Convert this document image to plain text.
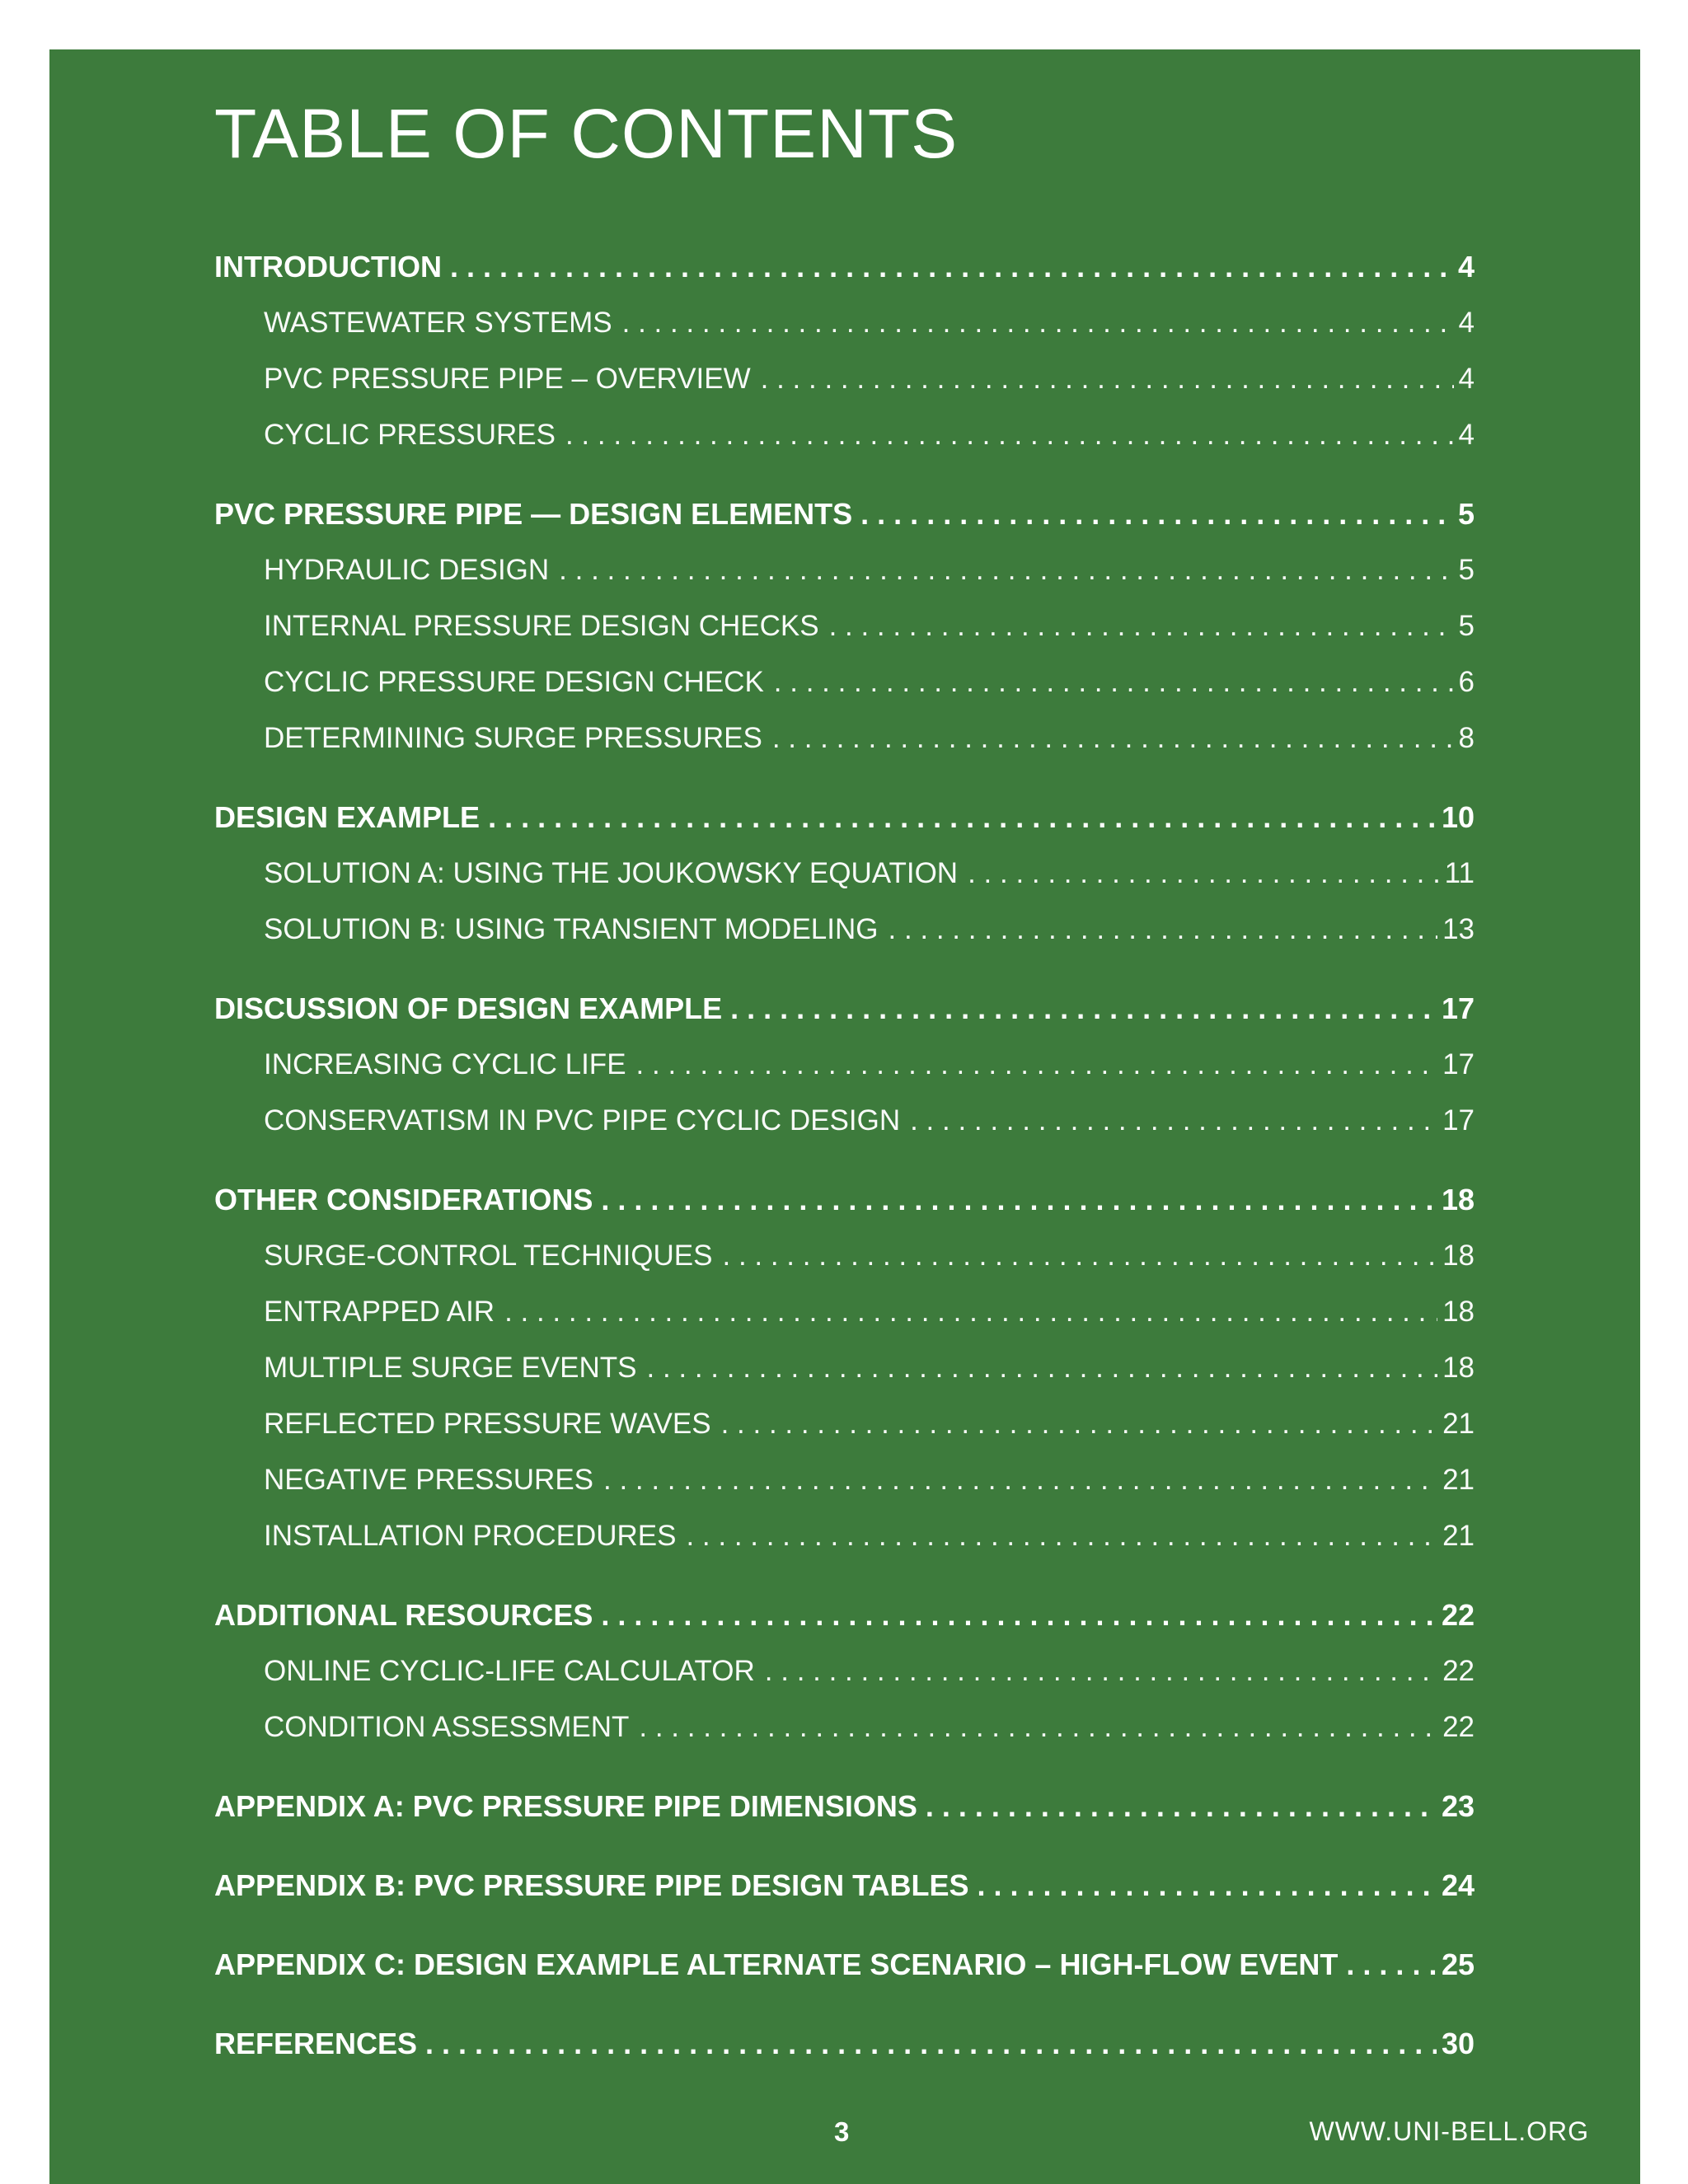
TABLE OF CONTENTS
INTRODUCTION . . .	4
WASTEWATER SYSTEMS . . .	4
PVC PRESSURE PIPE – OVERVIEW . . .	4
CYCLIC PRESSURES . . .	4
PVC PRESSURE PIPE — DESIGN ELEMENTS . . .	5
HYDRAULIC DESIGN . . .	5
INTERNAL PRESSURE DESIGN CHECKS . . .	5
CYCLIC PRESSURE DESIGN CHECK . . .	6
DETERMINING SURGE PRESSURES . . .	8
DESIGN EXAMPLE . . .	10
SOLUTION A: USING THE JOUKOWSKY EQUATION . . .	11
SOLUTION B: USING TRANSIENT MODELING . . .	13
DISCUSSION OF DESIGN EXAMPLE . . .	17
INCREASING CYCLIC LIFE . . .	17
CONSERVATISM IN PVC PIPE CYCLIC DESIGN . . .	17
OTHER CONSIDERATIONS . . .	18
SURGE-CONTROL TECHNIQUES . . .	18
ENTRAPPED AIR . . .	18
MULTIPLE SURGE EVENTS . . .	18
REFLECTED PRESSURE WAVES . . .	21
NEGATIVE PRESSURES . . .	21
INSTALLATION PROCEDURES . . .	21
ADDITIONAL RESOURCES . . .	22
ONLINE CYCLIC-LIFE CALCULATOR . . .	22
CONDITION ASSESSMENT . . .	22
APPENDIX A: PVC PRESSURE PIPE DIMENSIONS . . .	23
APPENDIX B: PVC PRESSURE PIPE DESIGN TABLES . . .	24
APPENDIX C: DESIGN EXAMPLE ALTERNATE SCENARIO – HIGH-FLOW EVENT . . .	25
REFERENCES . . .	30
3	WWW.UNI-BELL.ORG
